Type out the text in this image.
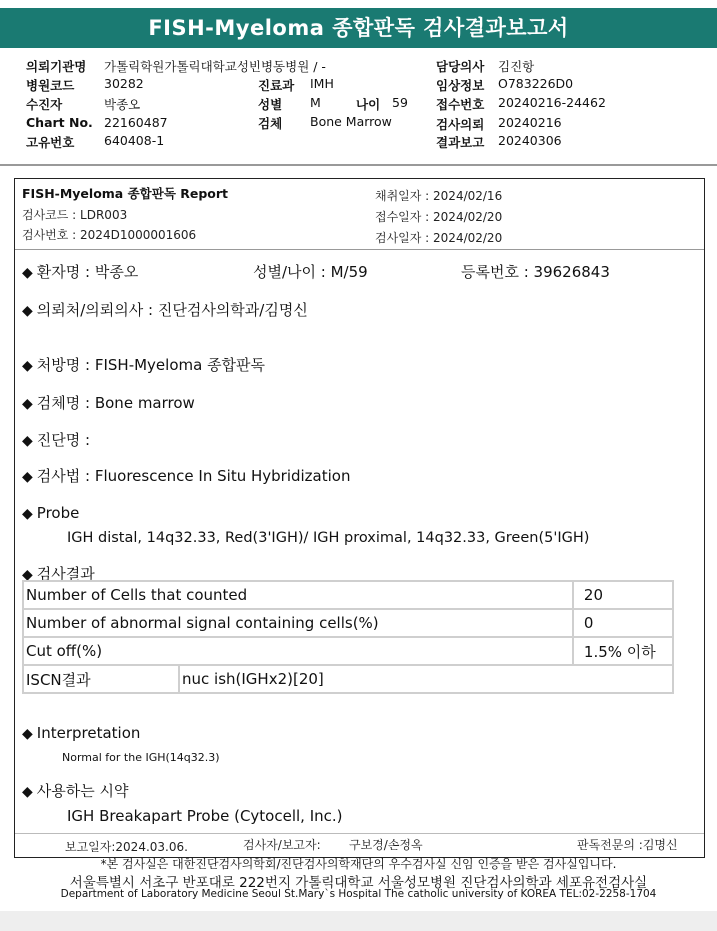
FISH-Myeloma 종합판독 검사결과보고서
의뢰기관명 가톨릭학원가톨릭대학교성빈병동병원 / -
병원코드 30282
수진자	박종오
Chart No. 22160487
고유번호 640408-1
진료과 IMH
성별 M	나이 59
검체 Bone Marrow
담당의사 김진항
임상정보 O783226D0
접수번호 20240216-24462
검사의뢰 20240216
결과보고 20240306
FISH-Myeloma 종합판독 Report
검사코드 : LDR003
검사번호 : 2024D1000001606
채취일자 : 2024/02/16
접수일자 : 2024/02/20
검사일자 : 2024/02/20
◆ 환자명 : 박종오	성별/나이 : M/59	등록번호 : 39626843
◆ 의뢰처/의뢰의사 : 진단검사의학과/김명신
◆ 처방명 : FISH-Myeloma 종합판독
◆ 검체명 : Bone marrow
◆ 진단명 :
◆ 검사법 : Fluorescence In Situ Hybridization
◆ Probe
IGH distal, 14q32.33, Red(3'IGH)/ IGH proximal, 14q32.33, Green(5'IGH)
◆ 검사결과
Number of Cells that counted		20
Number of abnormal signal containing cells(%)		0
Cut off(%)		1.5% 이하
ISCN결과	nuc ish(IGHx2)[20]	
◆ Interpretation
Normal for the IGH(14q32.3)
◆ 사용하는 시약
IGH Breakapart Probe (Cytocell, Inc.)
보고일자:2024.03.06.	검사자/보고자: 구보경/손정옥	판독전문의 :김명신
*본 검사실은 대한진단검사의학회/진단검사의학재단의 우수검사실 신임 인증을 받은 검사실입니다.
서울특별시 서초구 반포대로 222번지 가톨릭대학교 서울성모병원 진단검사의학과 세포유전검사실
Department of Laboratory Medicine Seoul St.Mary`s Hospital The catholic university of KOREA TEL:02-2258-1704
